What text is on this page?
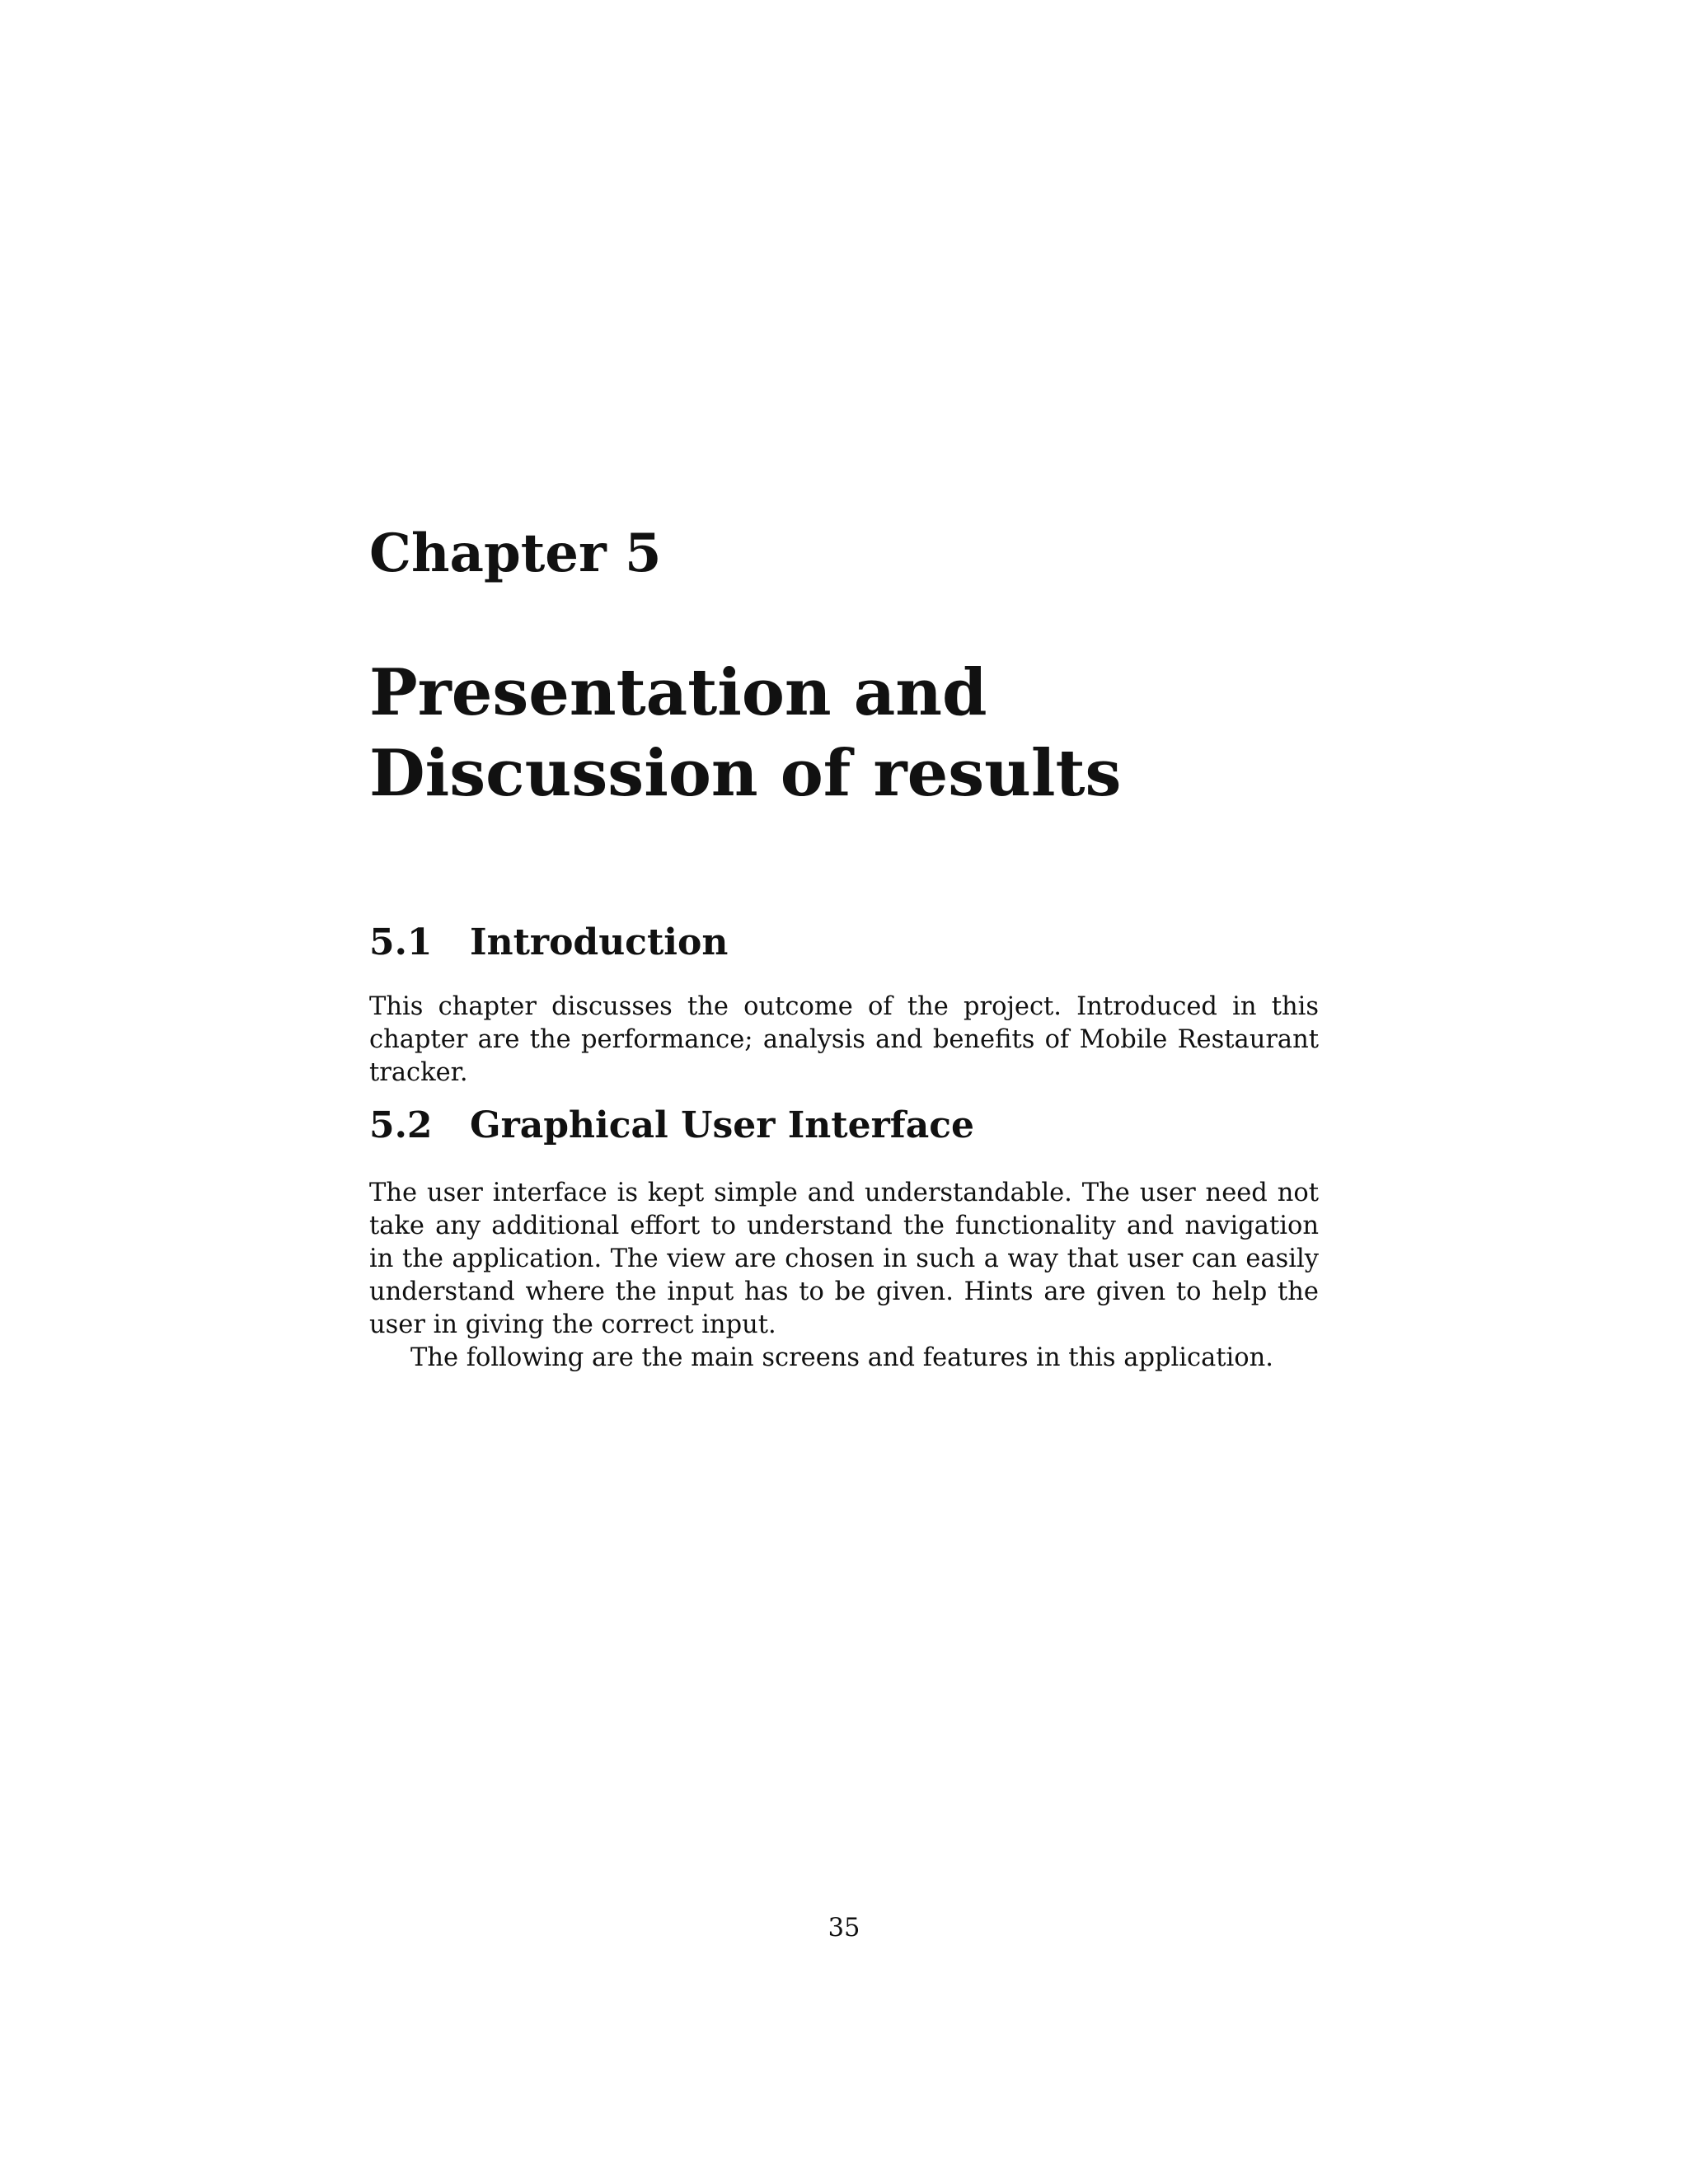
Chapter 5
Presentation and Discussion of results
5.1 Introduction

This chapter discusses the outcome of the project. Introduced in this chapter are the performance; analysis and benefits of Mobile Restaurant tracker.

5.2 Graphical User Interface

The user interface is kept simple and understandable. The user need not take any additional effort to understand the functionality and navigation in the application. The view are chosen in such a way that user can easily understand where the input has to be given. Hints are given to help the user in giving the correct input.

The following are the main screens and features in this application.

35
